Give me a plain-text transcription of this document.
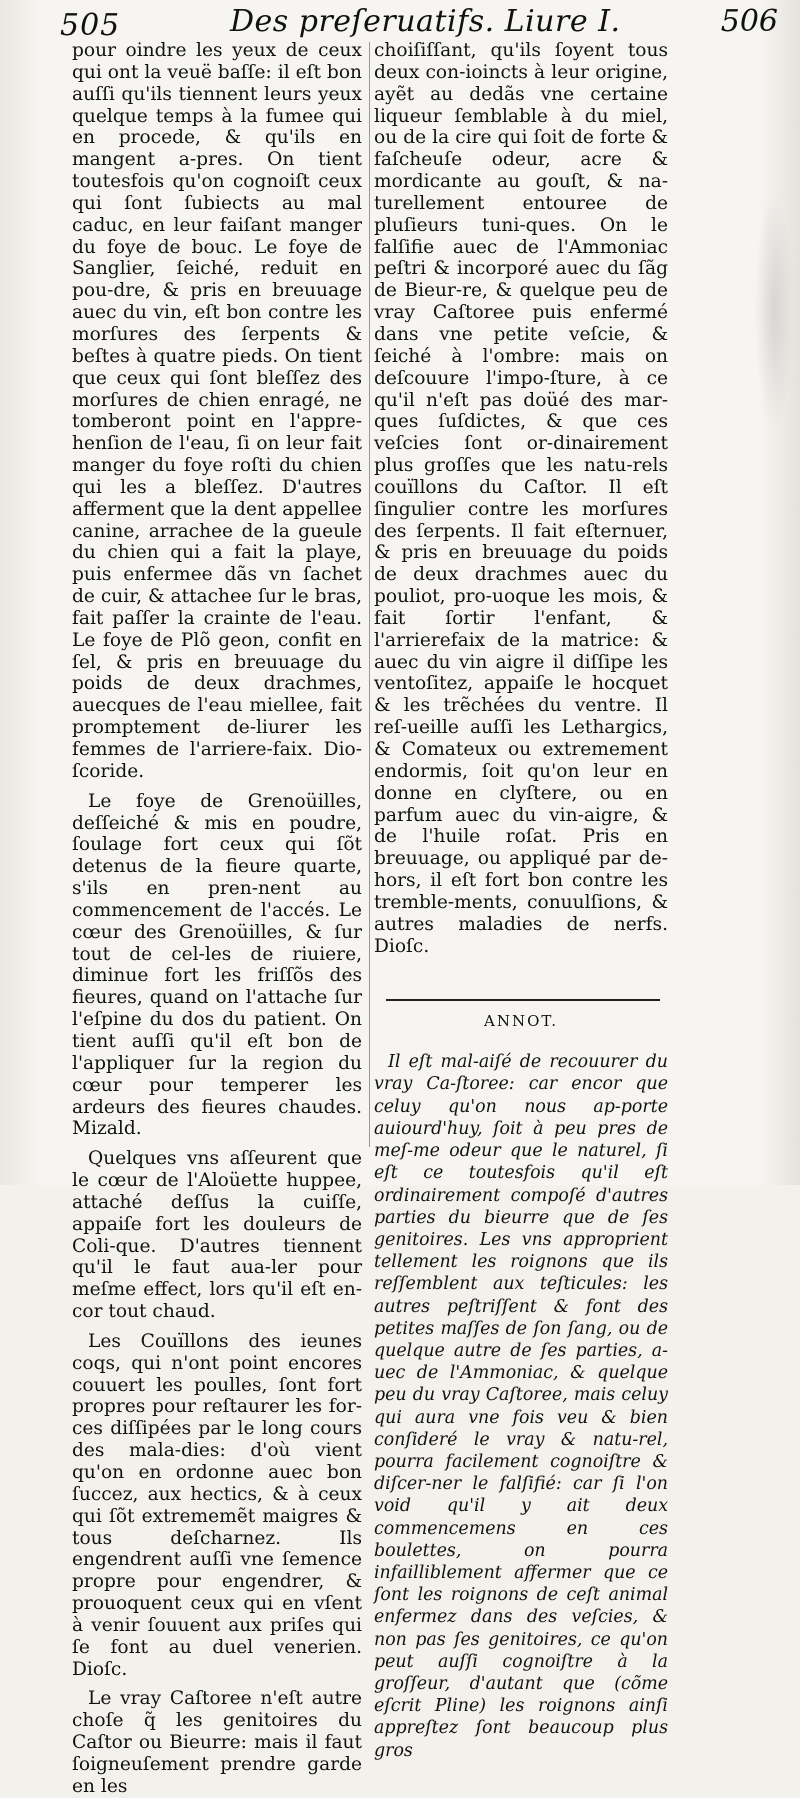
505	Des preſeruatifs. Liure I.	506

pour oindre les yeux de ceux qui ont la veuë baſſe: il eſt bon auſſi qu'ils tiennent leurs yeux quelque temps à la fumee qui en procede, & qu'ils en mangent a-pres. On tient toutesfois qu'on cognoiſt ceux qui ſont ſubiects au mal caduc, en leur faiſant manger du foye de bouc. Le foye de Sanglier, ſeiché, reduit en pou-dre, & pris en breuuage auec du vin, eſt bon contre les morſures des ſerpents & beſtes à quatre pieds. On tient que ceux qui ſont bleſſez des morſures de chien enragé, ne tomberont point en l'appre-henſion de l'eau, ſi on leur fait manger du foye roſti du chien qui les a bleſſez. D'autres afferment que la dent appellee canine, arrachee de la gueule du chien qui a fait la playe, puis enfermee dãs vn ſachet de cuir, & attachee ſur le bras, fait paſſer la crainte de l'eau. Le foye de Plõ geon, confit en ſel, & pris en breuuage du poids de deux drachmes, auecques de l'eau miellee, fait promptement de-liurer les femmes de l'arriere-faix. Dio-ſcoride.

Le foye de Grenoüilles, deſſeiché & mis en poudre, ſoulage fort ceux qui ſõt detenus de la fieure quarte, s'ils en pren-nent au commencement de l'accés. Le cœur des Grenoüilles, & ſur tout de cel-les de riuiere, diminue fort les friſſõs des fieures, quand on l'attache ſur l'eſpine du dos du patient. On tient auſſi qu'il eſt bon de l'appliquer ſur la region du cœur pour temperer les ardeurs des fieures chaudes. Mizald.

Quelques vns aſſeurent que le cœur de l'Aloüette huppee, attaché deſſus la cuiſſe, appaiſe fort les douleurs de Coli-que. D'autres tiennent qu'il le faut aua-ler pour meſme effect, lors qu'il eſt en-cor tout chaud.

Les Couïllons des ieunes coqs, qui n'ont point encores couuert les poulles, ſont fort propres pour reſtaurer les for-ces diſſipées par le long cours des mala-dies: d'où vient qu'on en ordonne auec bon ſuccez, aux hectics, & à ceux qui ſõt extrememẽt maigres & tous deſcharnez. Ils engendrent auſſi vne ſemence propre pour engendrer, & prouoquent ceux qui en vſent à venir ſouuent aux priſes qui ſe font au duel venerien. Dioſc.

Le vray Caſtoree n'eſt autre choſe q̃ les genitoires du Caſtor ou Bieurre: mais il faut ſoigneuſement prendre garde en les

choiſiſſant, qu'ils ſoyent tous deux con-ioincts à leur origine, ayẽt au dedãs vne certaine liqueur ſemblable à du miel, ou de la cire qui ſoit de forte & faſcheuſe odeur, acre & mordicante au gouſt, & na-turellement entouree de pluſieurs tuni-ques. On le falſifie auec de l'Ammoniac peſtri & incorporé auec du ſãg de Bieur-re, & quelque peu de vray Caſtoree puis enfermé dans vne petite veſcie, & ſeiché à l'ombre: mais on deſcouure l'impo-ſture, à ce qu'il n'eſt pas doüé des mar-ques ſuſdictes, & que ces veſcies ſont or-dinairement plus groſſes que les natu-rels couïllons du Caſtor. Il eſt ſingulier contre les morſures des ſerpents. Il fait eſternuer, & pris en breuuage du poids de deux drachmes auec du pouliot, pro-uoque les mois, & fait ſortir l'enfant, & l'arrierefaix de la matrice: & auec du vin aigre il diſſipe les ventoſitez, appaiſe le hocquet & les trẽchées du ventre. Il reſ-ueille auſſi les Lethargics, & Comateux ou extremement endormis, ſoit qu'on leur en donne en clyſtere, ou en parfum auec du vin-aigre, & de l'huile roſat. Pris en breuuage, ou appliqué par de-hors, il eſt fort bon contre les tremble-ments, conuulſions, & autres maladies de nerfs. Dioſc.

ANNOT.

Il eſt mal-aiſé de recouurer du vray Ca-ſtoree: car encor que celuy qu'on nous ap-porte auiourd'huy, ſoit à peu pres de meſ-me odeur que le naturel, ſi eſt ce toutesfois qu'il eſt ordinairement compoſé d'autres parties du bieurre que de ſes genitoires. Les vns approprient tellement les roignons que ils reſſemblent aux teſticules: les autres peſtriſſent & font des petites maſſes de ſon ſang, ou de quelque autre de ſes parties, a-uec de l'Ammoniac, & quelque peu du vray Caſtoree, mais celuy qui aura vne fois veu & bien conſideré le vray & natu-rel, pourra facilement cognoiſtre & diſcer-ner le falſifié: car ſi l'on void qu'il y ait deux commencemens en ces boulettes, on pourra infailliblement affermer que ce ſont les roignons de ceſt animal enfermez dans des veſcies, & non pas ſes genitoires, ce qu'on peut auſſi cognoiſtre à la groſſeur, d'autant que (cõme eſcrit Pline) les roignons ainſi appreſtez ſont beaucoup plus gros
